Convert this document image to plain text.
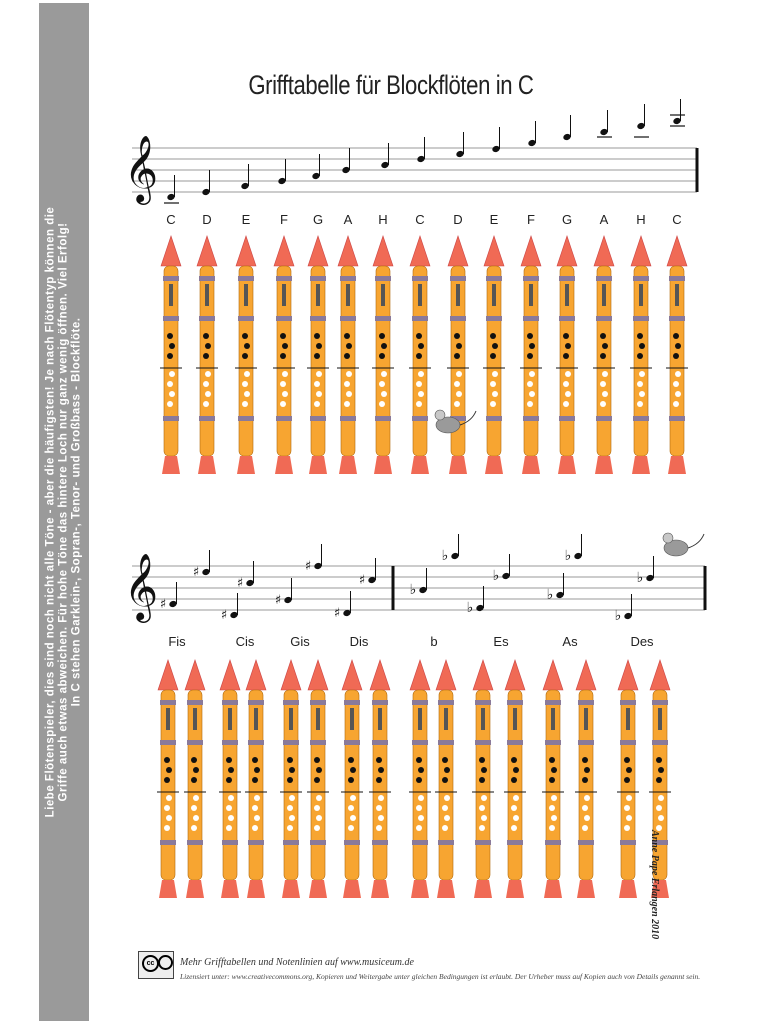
Liebe Flötenspieler, dies sind noch nicht alle Töne - aber die häufigsten! Je nach Flötentyp können die Griffe auch etwas abweichen. Für hohe Töne das hintere Loch nur ganz wenig öffnen. Viel Erfolg! In C stehen Garklein-, Sopran-, Tenor- und Großbass - Blockflöte.
Grifftabelle für Blockflöten in C
𝄞
𝄞 ♯
♯
♯
♯
♯
♯
♯
♯
♭
♭
♭
♭
♭
♭
♭
♭
C D E F G A H C D E F G A H C
Fis	Cis	Gis	Dis	b	Es	As	Des
Anne Pape Erlangen 2010
cc	Mehr Grifftabellen und Notenlinien auf www.musiceum.de
Lizensiert unter: www.creativecommons.org, Kopieren und Weitergabe unter gleichen Bedingungen ist erlaubt. Der Urheber muss auf Kopien auch von Details genannt sein.
